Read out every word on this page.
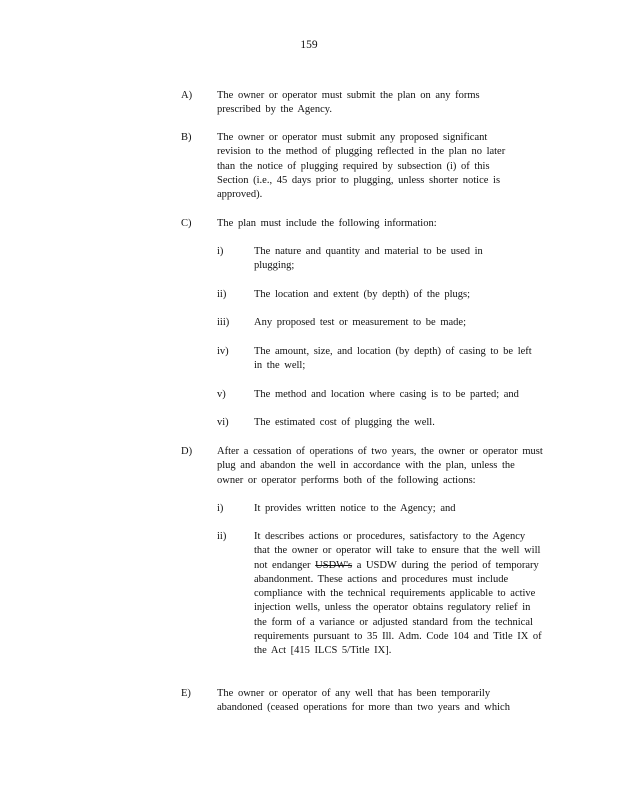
159
A) The owner or operator must submit the plan on any forms prescribed by the Agency.
B) The owner or operator must submit any proposed significant revision to the method of plugging reflected in the plan no later than the notice of plugging required by subsection (i) of this Section (i.e., 45 days prior to plugging, unless shorter notice is approved).
C) The plan must include the following information:
i)	The nature and quantity and material to be used in plugging;
ii)	The location and extent (by depth) of the plugs;
iii) Any proposed test or measurement to be made;
iv) The amount, size, and location (by depth) of casing to be left in the well;
v)	The method and location where casing is to be parted; and
vi) The estimated cost of plugging the well.
D) After a cessation of operations of two years, the owner or operator must plug and abandon the well in accordance with the plan, unless the owner or operator performs both of the following actions:
i)	It provides written notice to the Agency; and
ii)	It describes actions or procedures, satisfactory to the Agency that the owner or operator will take to ensure that the well will not endanger USDW's a USDW during the period of temporary abandonment. These actions and procedures must include compliance with the technical requirements applicable to active injection wells, unless the operator obtains regulatory relief in the form of a variance or adjusted standard from the technical requirements pursuant to 35 Ill. Adm. Code 104 and Title IX of the Act [415 ILCS 5/Title IX].
E) The owner or operator of any well that has been temporarily abandoned (ceased operations for more than two years and which
